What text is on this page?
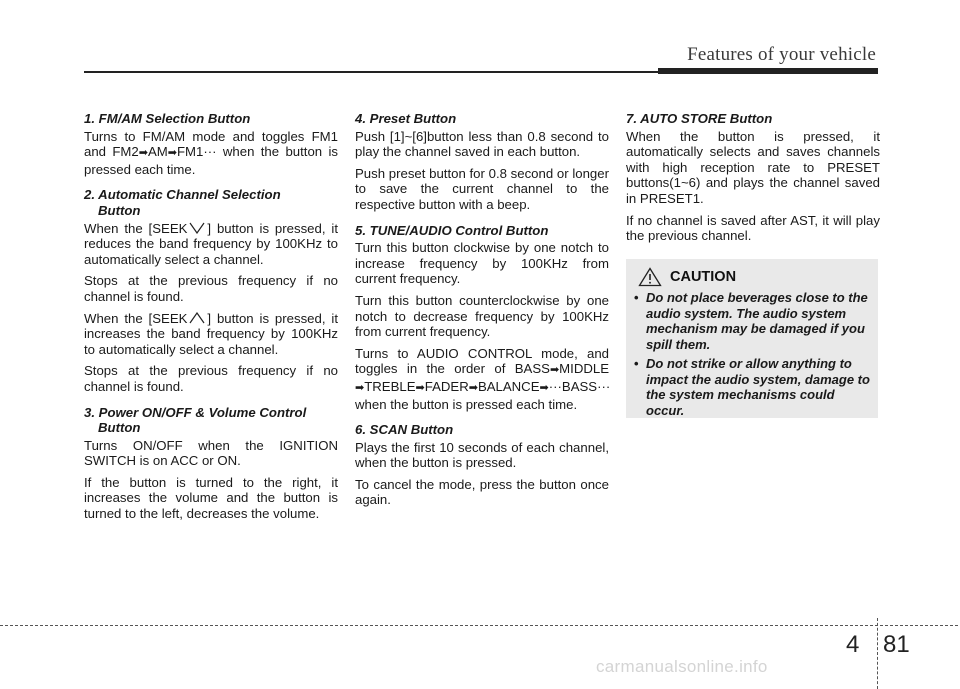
Features of your vehicle
1. FM/AM Selection Button

Turns to FM/AM mode and toggles FM1 and FM2➡AM➡FM1··· when the button is pressed each time.

2. Automatic Channel Selection
Button

When the [SEEK ] button is pressed, it reduces the band frequency by 100KHz to automatically select a channel.

Stops at the previous frequency if no channel is found.

When the [SEEK ] button is pressed, it increases the band frequency by 100KHz to automatically select a channel.

Stops at the previous frequency if no channel is found.

3. Power ON/OFF & Volume Control
Button

Turns ON/OFF when the IGNITION SWITCH is on ACC or ON.

If the button is turned to the right, it increases the volume and the button is turned to the left, decreases the volume.

4. Preset Button

Push [1]~[6]button less than 0.8 second to play the channel saved in each button.

Push preset button for 0.8 second or longer to save the current channel to the respective button with a beep.

5. TUNE/AUDIO Control Button

Turn this button clockwise by one notch to increase frequency by 100KHz from current frequency.

Turn this button counterclockwise by one notch to decrease frequency by 100KHz from current frequency.

Turns to AUDIO CONTROL mode, and toggles in the order of BASS➡MIDDLE ➡TREBLE➡FADER➡BALANCE➡···BASS··· when the button is pressed each time.

6. SCAN Button

Plays the first 10 seconds of each channel, when the button is pressed.

To cancel the mode, press the button once again.

7. AUTO STORE Button

When the button is pressed, it automatically selects and saves channels with high reception rate to PRESET buttons(1~6) and plays the channel saved in PRESET1.

If no channel is saved after AST, it will play the previous channel.

CAUTION
• Do not place beverages close to the audio system. The audio system mechanism may be damaged if you spill them.
• Do not strike or allow anything to impact the audio system, damage to the system mechanisms could occur.
4 81
carmanualsonline.info
